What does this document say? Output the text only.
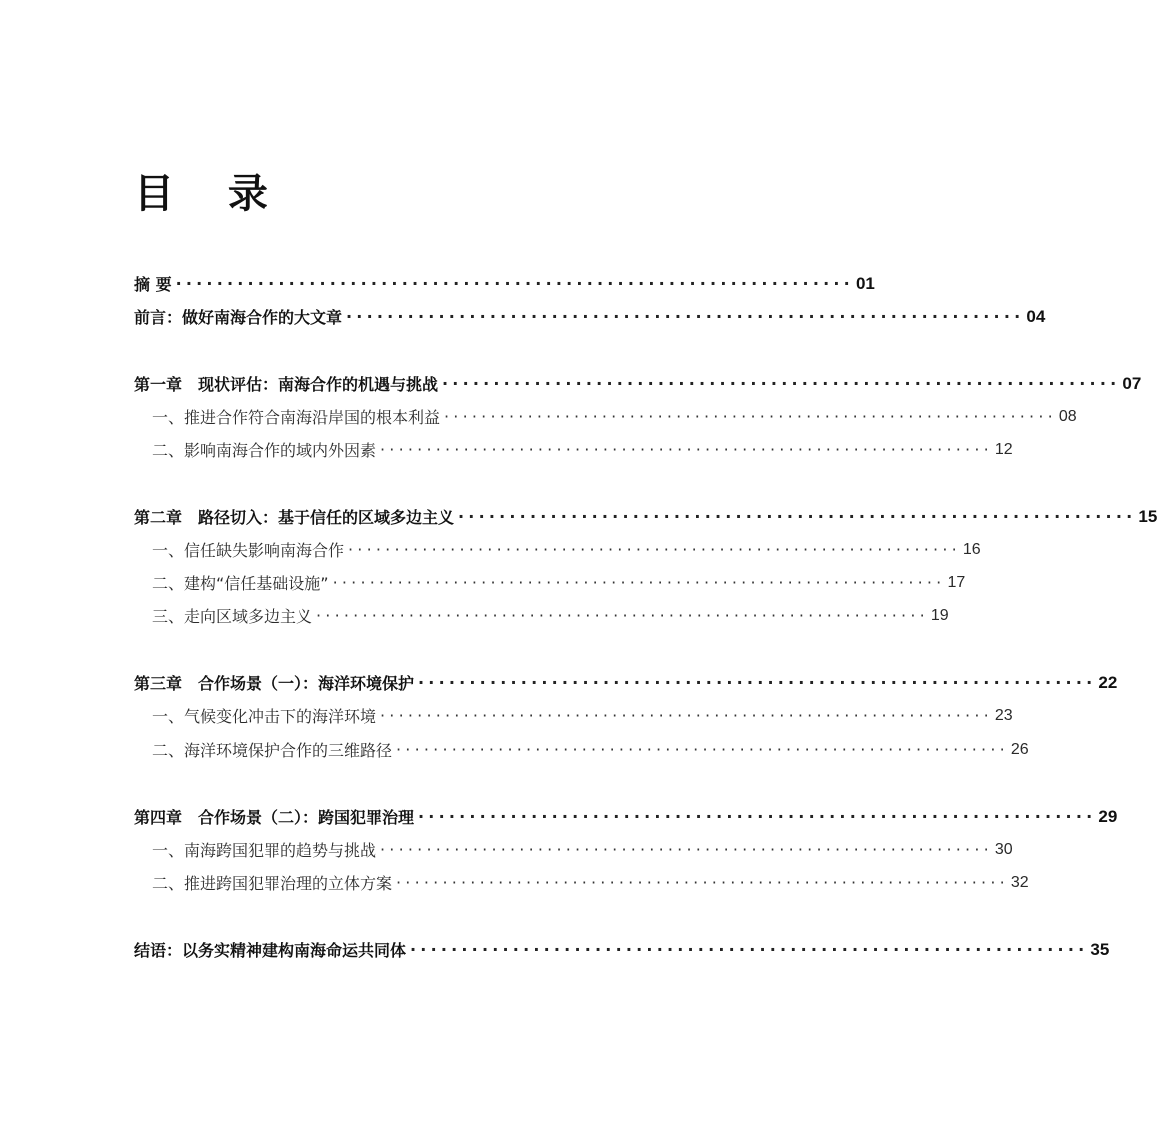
目 录
摘 要 ·································································· 01
前言：做好南海合作的大文章 ·································································· 04
第一章　现状评估：南海合作的机遇与挑战 ·································································· 07
一、推进合作符合南海沿岸国的根本利益 ·································································· 08
二、影响南海合作的域内外因素 ·································································· 12
第二章　路径切入：基于信任的区域多边主义 ·································································· 15
一、信任缺失影响南海合作 ·································································· 16
二、建构“信任基础设施” ·································································· 17
三、走向区域多边主义 ·································································· 19
第三章　合作场景（一）：海洋环境保护 ·································································· 22
一、气候变化冲击下的海洋环境 ·································································· 23
二、海洋环境保护合作的三维路径 ·································································· 26
第四章　合作场景（二）：跨国犯罪治理 ·································································· 29
一、南海跨国犯罪的趋势与挑战 ·································································· 30
二、推进跨国犯罪治理的立体方案 ·································································· 32
结语：以务实精神建构南海命运共同体 ·································································· 35
